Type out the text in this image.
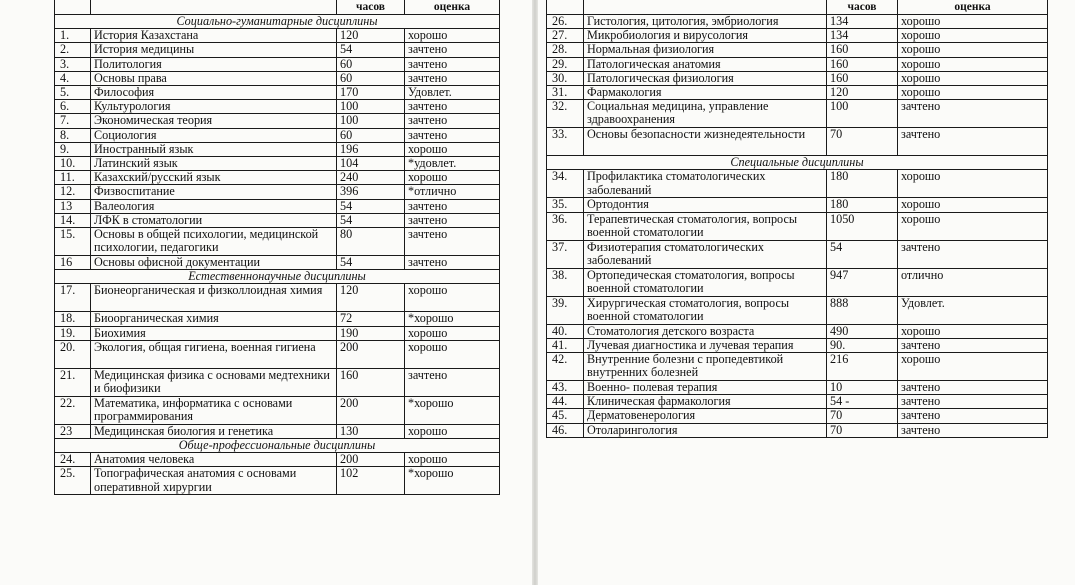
		часов	оценка
Социально-гуманитарные дисциплины			
1.	История Казахстана	120	хорошо
2.	История медицины	54	зачтено
3.	Политология	60	зачтено
4.	Основы права	60	зачтено
5.	Философия	170	Удовлет.
6.	Культурология	100	зачтено
7.	Экономическая теория	100	зачтено
8.	Социология	60	зачтено
9.	Иностранный язык	196	хорошо
10.	Латинский язык	104	*удовлет.
11.	Казахский/русский язык	240	хорошо
12.	Физвоспитание	396	*отлично
13	Валеология	54	зачтено
14.	ЛФК в стоматологии	54	зачтено
15.	Основы в общей психологии, медицинской психологии, педагогики	80	зачтено
16	Основы офисной документации	54	зачтено
Естественнонаучные дисциплины			
17.	Бионеорганическая и физколлоидная химия	120	хорошо
18.	Биоорганическая химия	72	*хорошо
19.	Биохимия	190	хорошо
20.	Экология, общая гигиена, военная гигиена	200	хорошо
21.	Медицинская физика с основами медтехники и биофизики	160	зачтено
22.	Математика, информатика с основами программирования	200	*хорошо
23	Медицинская биология и генетика	130	хорошо
Обще-профессиональные дисциплины			
24.	Анатомия человека	200	хорошо
25.	Топографическая анатомия с основами оперативной хирургии	102	*хорошо
		часов	оценка
26.	Гистология, цитология, эмбриология	134	хорошо
27.	Микробиология и вирусология	134	хорошо
28.	Нормальная физиология	160	хорошо
29.	Патологическая анатомия	160	хорошо
30.	Патологическая физиология	160	хорошо
31.	Фармакология	120	хорошо
32.	Социальная медицина, управление здравоохранения	100	зачтено
33.	Основы безопасности жизнедеятельности	70	зачтено
Специальные дисциплины			
34.	Профилактика стоматологических заболеваний	180	хорошо
35.	Ортодонтия	180	хорошо
36.	Терапевтическая стоматология, вопросы военной стоматологии	1050	хорошо
37.	Физиотерапия стоматологических заболеваний	54	зачтено
38.	Ортопедическая стоматология, вопросы военной стоматологии	947	отлично
39.	Хирургическая стоматология, вопросы военной стоматологии	888	Удовлет.
40.	Стоматология детского возраста	490	хорошо
41.	Лучевая диагностика и лучевая терапия	90.	зачтено
42.	Внутренние болезни с пропедевтикой внутренних болезней	216	хорошо
43.	Военно- полевая терапия	10	зачтено
44.	Клиническая фармакология	54 -	зачтено
45.	Дерматовенерология	70	зачтено
46.	Отоларингология	70	зачтено
